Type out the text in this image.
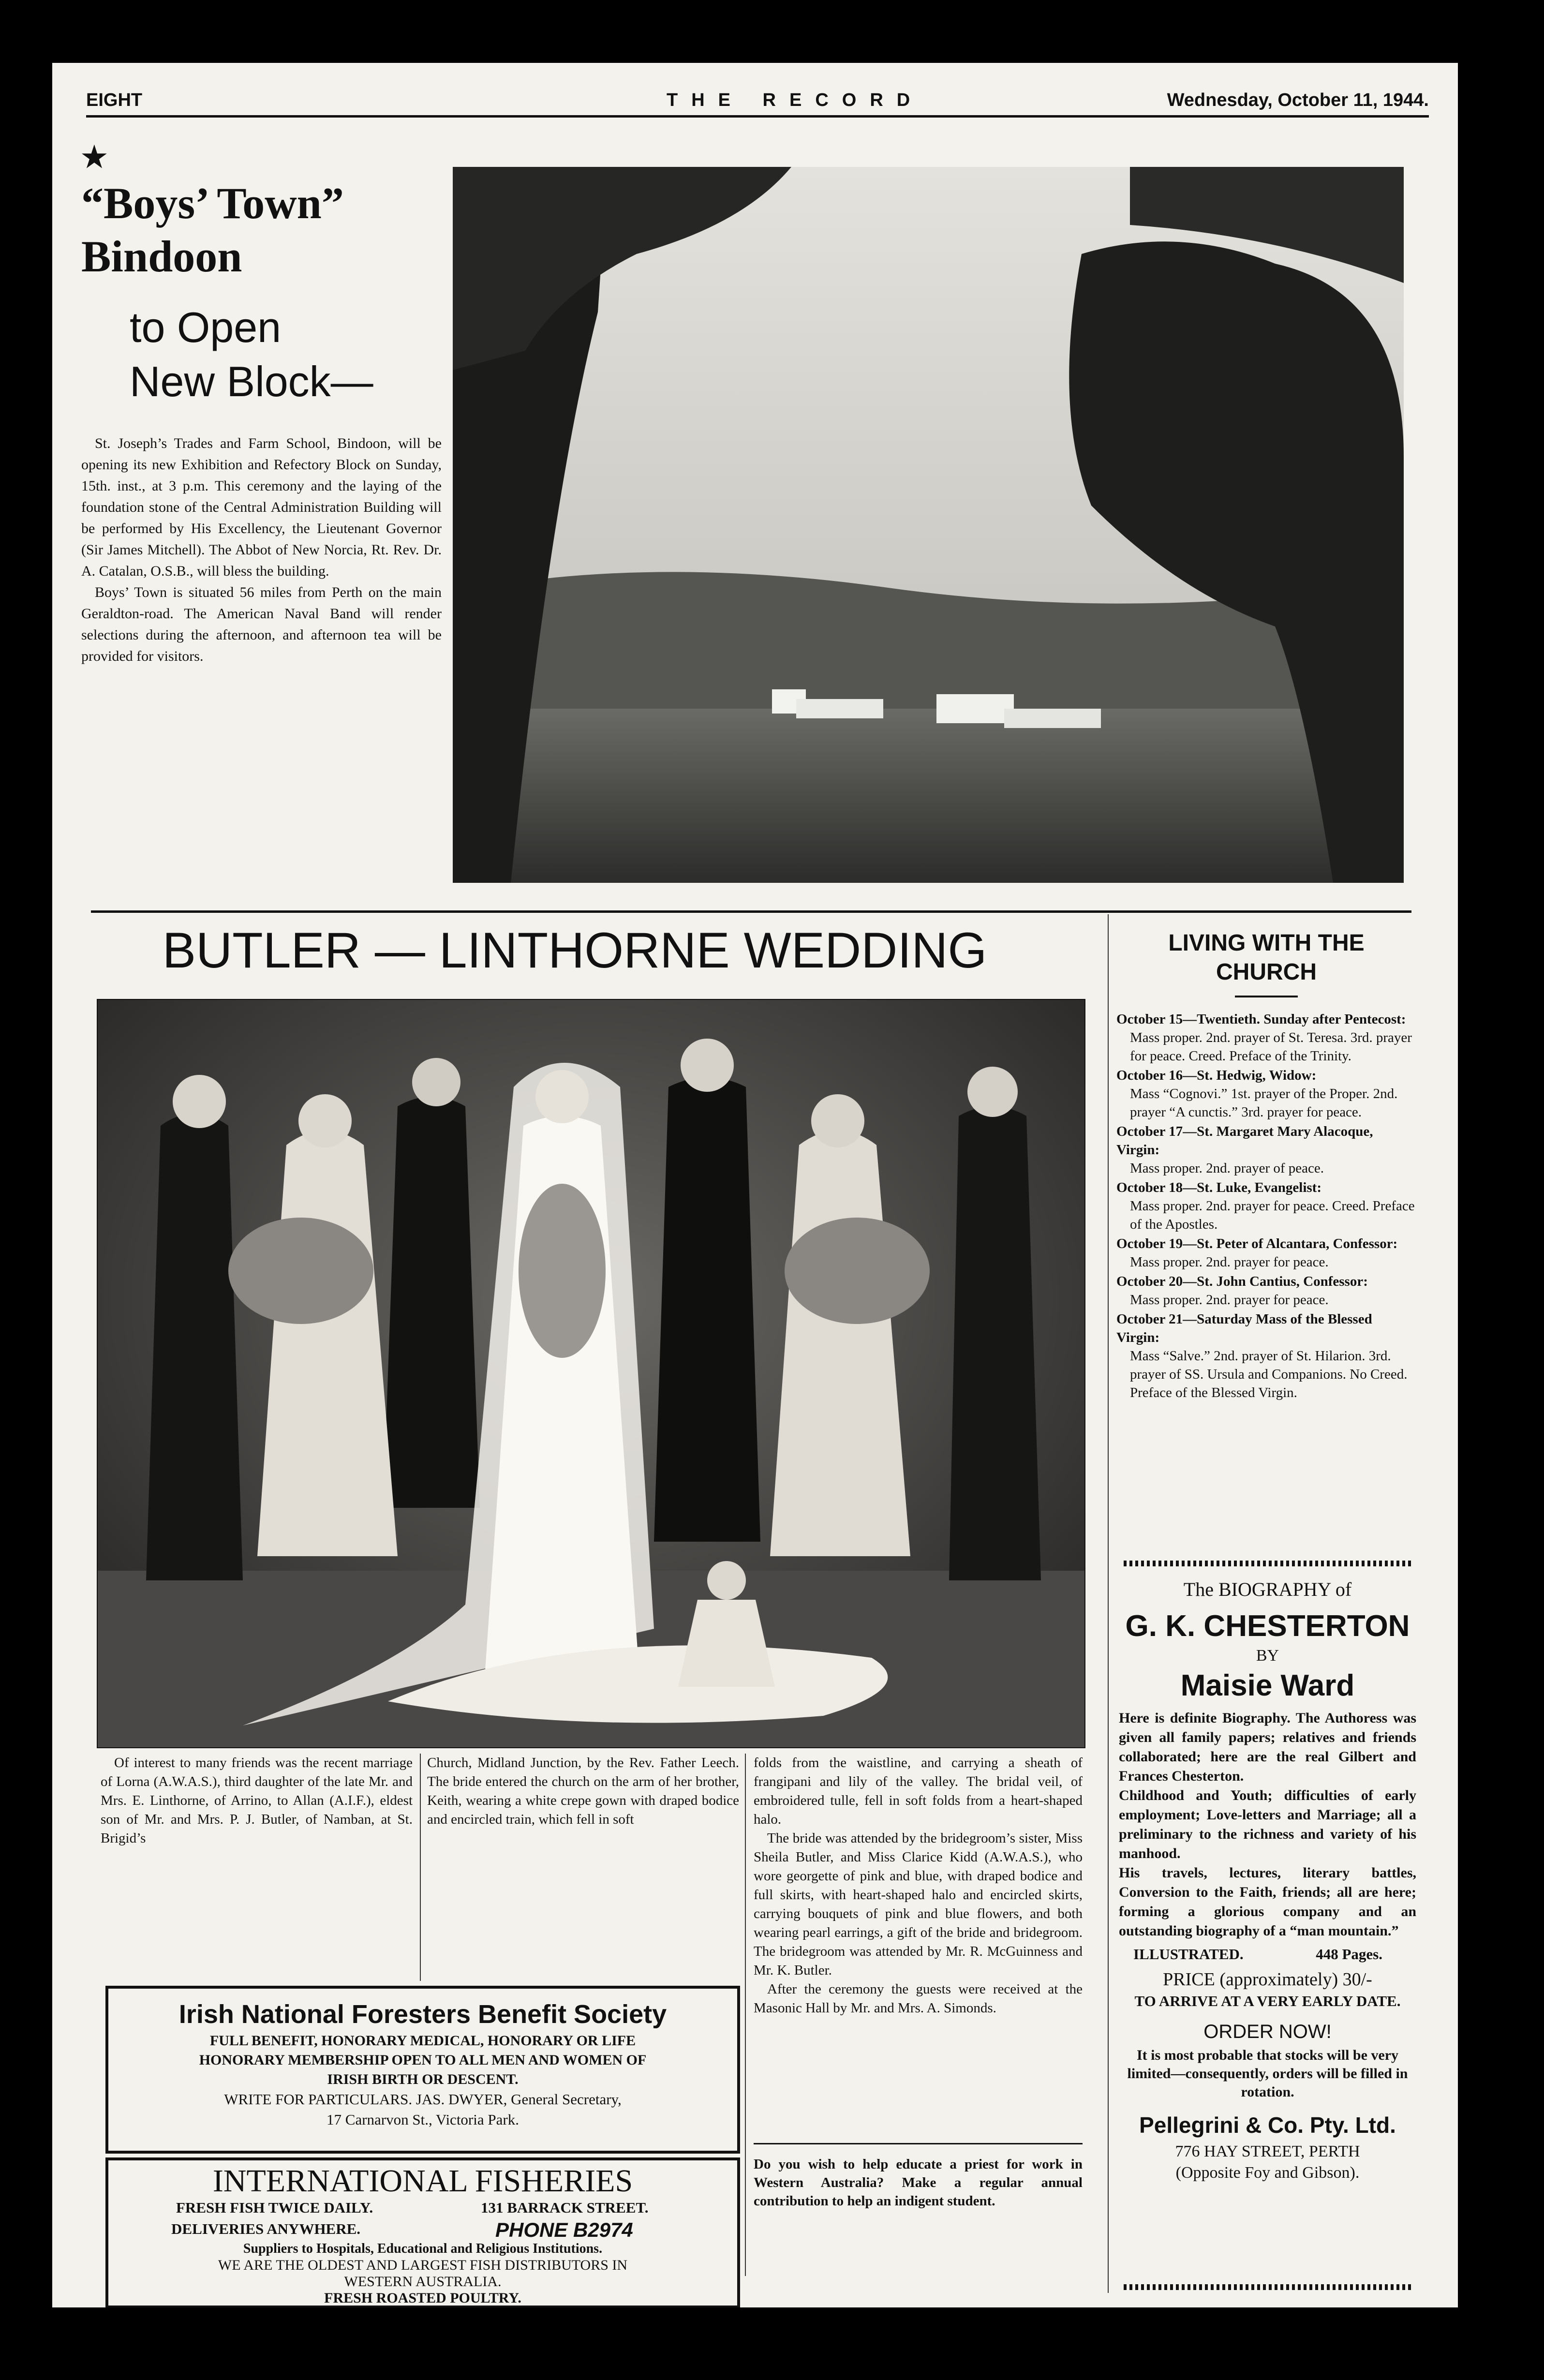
EIGHT	THE RECORD	Wednesday, October 11, 1944.
★
“Boys’ Town”
Bindoon
to Open
New Block—

St. Joseph’s Trades and Farm School, Bindoon, will be opening its new Exhibition and Refectory Block on Sunday, 15th. inst., at 3 p.m. This ceremony and the laying of the foundation stone of the Central Administration Building will be performed by His Excellency, the Lieutenant Governor (Sir James Mitchell). The Abbot of New Norcia, Rt. Rev. Dr. A. Catalan, O.S.B., will bless the building.

Boys’ Town is situated 56 miles from Perth on the main Geraldton-road. The American Naval Band will render selections during the afternoon, and afternoon tea will be provided for visitors.

BUTLER — LINTHORNE WEDDING

Of interest to many friends was the recent marriage of Lorna (A.W.A.S.), third daughter of the late Mr. and Mrs. E. Linthorne, of Arrino, to Allan (A.I.F.), eldest son of Mr. and Mrs. P. J. Butler, of Namban, at St. Brigid’s

Church, Midland Junction, by the Rev. Father Leech. The bride entered the church on the arm of her brother, Keith, wearing a white crepe gown with draped bodice and encircled train, which fell in soft

folds from the waistline, and carrying a sheath of frangipani and lily of the valley. The bridal veil, of embroidered tulle, fell in soft folds from a heart-shaped halo.

The bride was attended by the bridegroom’s sister, Miss Sheila Butler, and Miss Clarice Kidd (A.W.A.S.), who wore georgette of pink and blue, with draped bodice and full skirts, with heart-shaped halo and encircled skirts, carrying bouquets of pink and blue flowers, and both wearing pearl earrings, a gift of the bride and bridegroom. The bridegroom was attended by Mr. R. McGuinness and Mr. K. Butler.

After the ceremony the guests were received at the Masonic Hall by Mr. and Mrs. A. Simonds.

Do you wish to help educate a priest for work in Western Australia? Make a regular annual contribution to help an indigent student.
Irish National Foresters Benefit Society
FULL BENEFIT, HONORARY MEDICAL, HONORARY OR LIFE
HONORARY MEMBERSHIP OPEN TO ALL MEN AND WOMEN OF
IRISH BIRTH OR DESCENT.
WRITE FOR PARTICULARS. JAS. DWYER, General Secretary,
17 Carnarvon St., Victoria Park.
INTERNATIONAL FISHERIES
FRESH FISH TWICE DAILY.	131 BARRACK STREET.
DELIVERIES ANYWHERE.	PHONE B2974
Suppliers to Hospitals, Educational and Religious Institutions.
WE ARE THE OLDEST AND LARGEST FISH DISTRIBUTORS IN
WESTERN AUSTRALIA.
FRESH ROASTED POULTRY.
LIVING WITH THE CHURCH
October 15—Twentieth. Sunday after Pentecost:
Mass proper. 2nd. prayer of St. Teresa. 3rd. prayer for peace. Creed. Preface of the Trinity.
October 16—St. Hedwig, Widow:
Mass “Cognovi.” 1st. prayer of the Proper. 2nd. prayer “A cunctis.” 3rd. prayer for peace.
October 17—St. Margaret Mary Alacoque, Virgin:
Mass proper. 2nd. prayer of peace.
October 18—St. Luke, Evangelist:
Mass proper. 2nd. prayer for peace. Creed. Preface of the Apostles.
October 19—St. Peter of Alcantara, Confessor:
Mass proper. 2nd. prayer for peace.
October 20—St. John Cantius, Confessor:
Mass proper. 2nd. prayer for peace.
October 21—Saturday Mass of the Blessed Virgin:
Mass “Salve.” 2nd. prayer of St. Hilarion. 3rd. prayer of SS. Ursula and Companions. No Creed. Preface of the Blessed Virgin.
The BIOGRAPHY of
G. K. CHESTERTON
BY
Maisie Ward
Here is definite Biography. The Authoress was given all family papers; relatives and friends collaborated; here are the real Gilbert and Frances Chesterton.
Childhood and Youth; difficulties of early employment; Love-letters and Marriage; all a preliminary to the richness and variety of his manhood.
His travels, lectures, literary battles, Conversion to the Faith, friends; all are here; forming a glorious company and an outstanding biography of a “man mountain.”
ILLUSTRATED.	448 Pages.
PRICE (approximately) 30/-
TO ARRIVE AT A VERY EARLY DATE.
ORDER NOW!
It is most probable that stocks will be very limited—consequently, orders will be filled in rotation.
Pellegrini & Co. Pty. Ltd.
776 HAY STREET, PERTH
(Opposite Foy and Gibson).
